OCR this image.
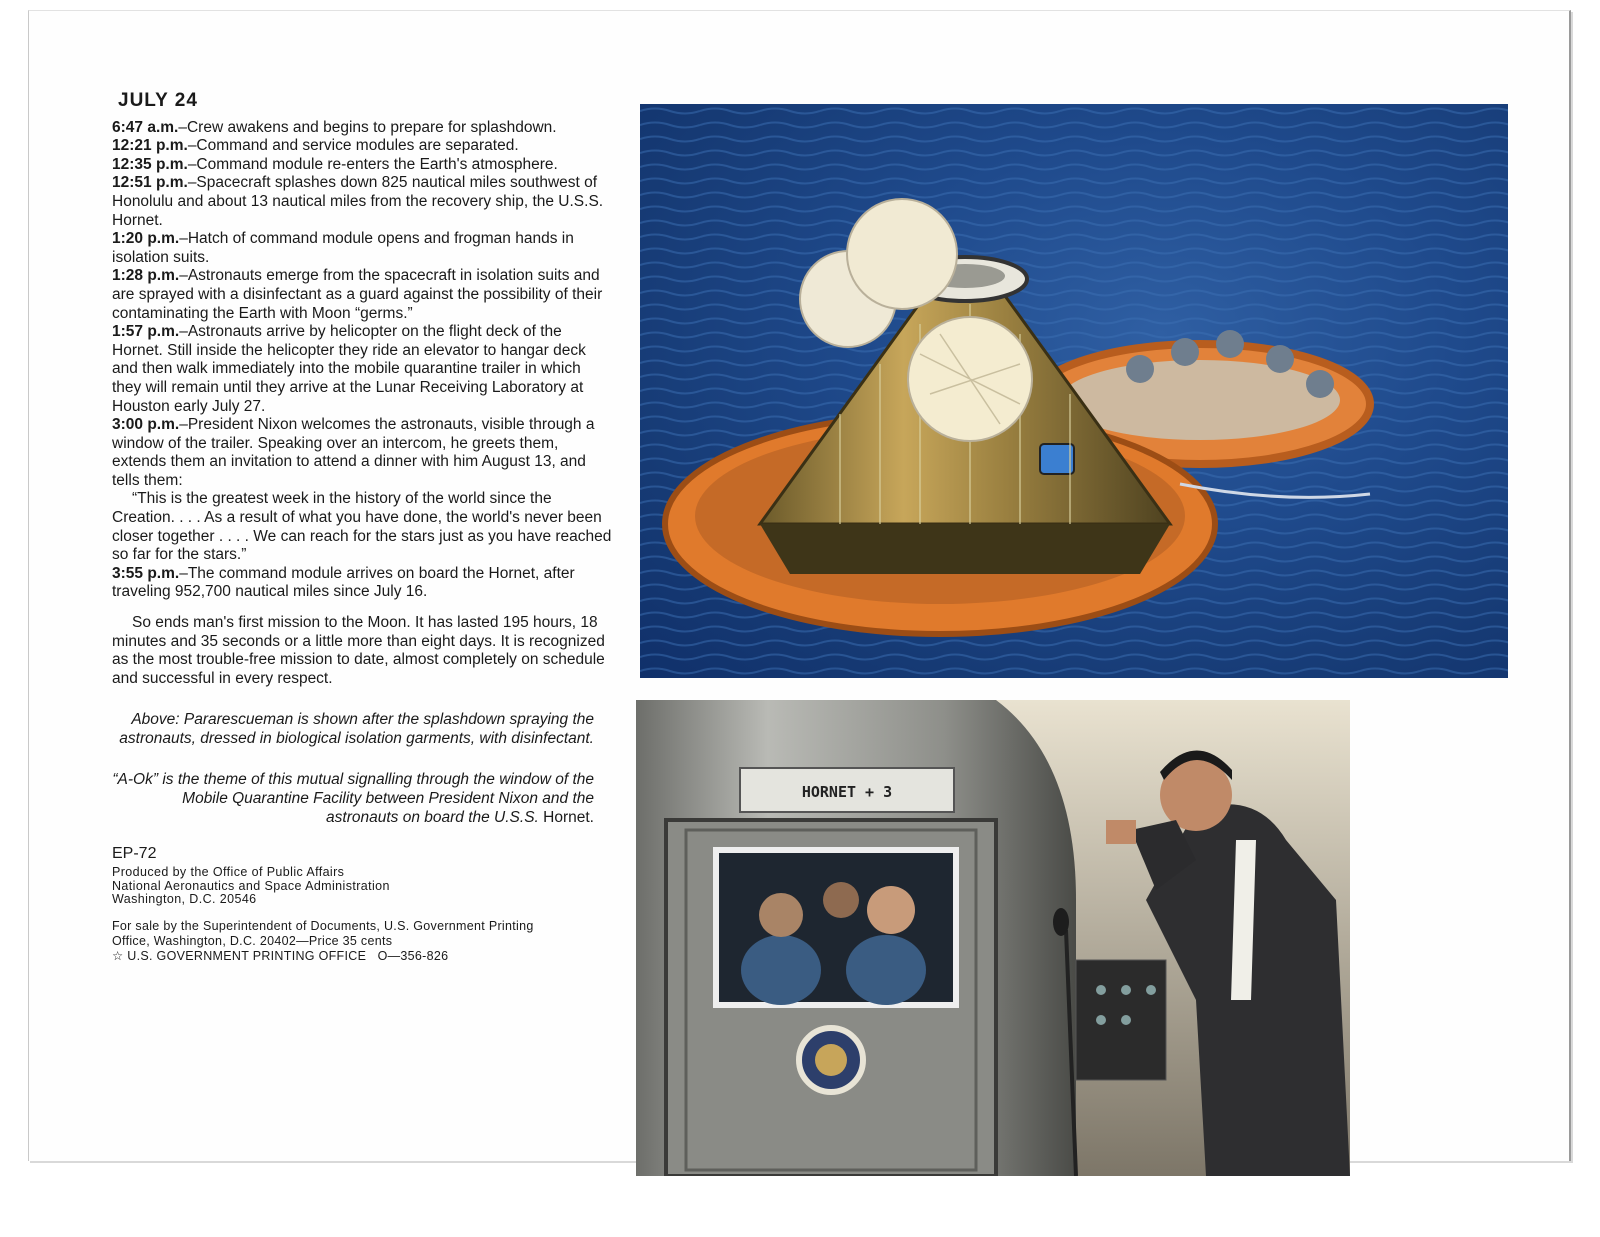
JULY 24

6:47 a.m.–Crew awakens and begins to prepare for splashdown.

12:21 p.m.–Command and service modules are separated.

12:35 p.m.–Command module re-enters the Earth's atmosphere.

12:51 p.m.–Spacecraft splashes down 825 nautical miles southwest of Honolulu and about 13 nautical miles from the recovery ship, the U.S.S. Hornet.

1:20 p.m.–Hatch of command module opens and frogman hands in isolation suits.

1:28 p.m.–Astronauts emerge from the spacecraft in isolation suits and are sprayed with a disinfectant as a guard against the possibility of their contaminating the Earth with Moon “germs.”

1:57 p.m.–Astronauts arrive by helicopter on the flight deck of the Hornet. Still inside the helicopter they ride an elevator to hangar deck and then walk immediately into the mobile quarantine trailer in which they will remain until they arrive at the Lunar Receiving Laboratory at Houston early July 27.

3:00 p.m.–President Nixon welcomes the astronauts, visible through a window of the trailer. Speaking over an intercom, he greets them, extends them an invitation to attend a dinner with him August 13, and tells them:

“This is the greatest week in the history of the world since the Creation. . . . As a result of what you have done, the world's never been closer together . . . . We can reach for the stars just as you have reached so far for the stars.”

3:55 p.m.–The command module arrives on board the Hornet, after traveling 952,700 nautical miles since July 16.

So ends man's first mission to the Moon. It has lasted 195 hours, 18 minutes and 35 seconds or a little more than eight days. It is recognized as the most trouble-free mission to date, almost completely on schedule and successful in every respect.

Above: Pararescueman is shown after the splashdown spraying the astronauts, dressed in biological isolation garments, with disinfectant.

“A-Ok” is the theme of this mutual signalling through the window of the Mobile Quarantine Facility between President Nixon and the astronauts on board the U.S.S. Hornet.

EP-72
Produced by the Office of Public Affairs
National Aeronautics and Space Administration
Washington, D.C. 20546
For sale by the Superintendent of Documents, U.S. Government Printing
Office, Washington, D.C. 20402—Price 35 cents
☆ U.S. GOVERNMENT PRINTING OFFICE O—356-826
HORNET + 3
